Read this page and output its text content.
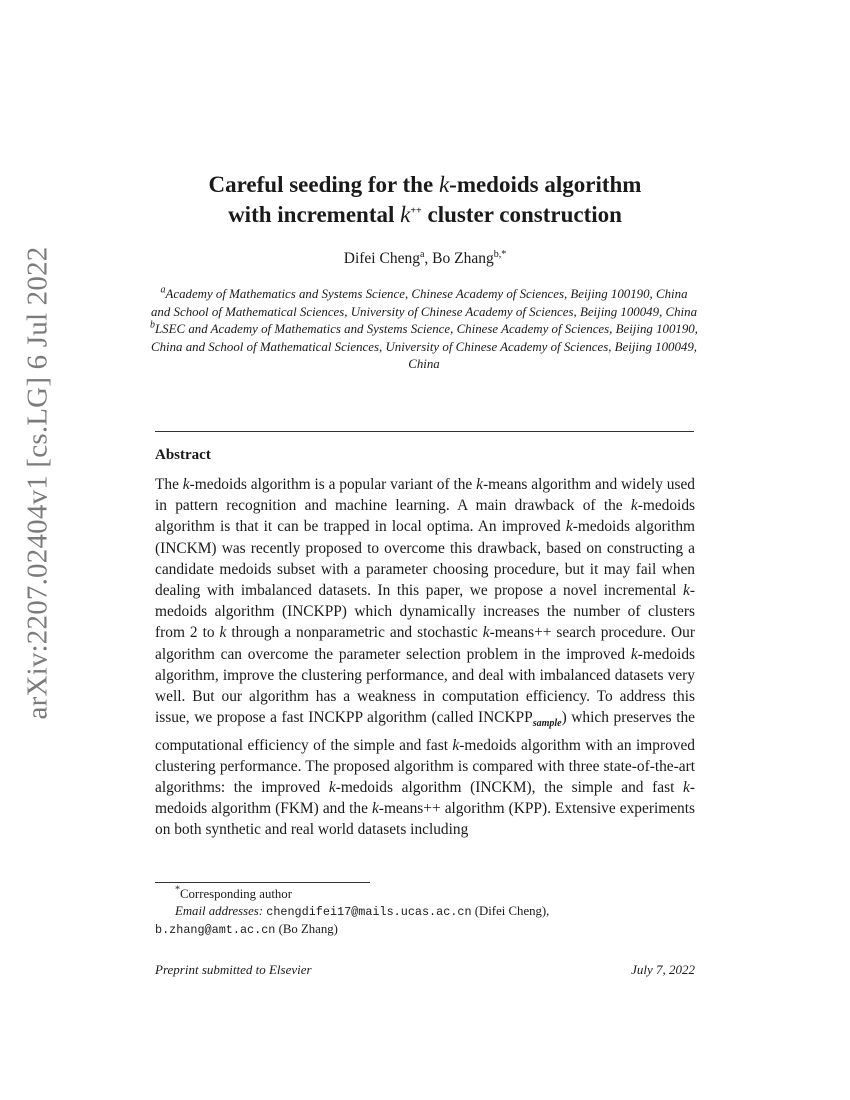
arXiv:2207.02404v1 [cs.LG] 6 Jul 2022
Careful seeding for the k-medoids algorithm
with incremental k++ cluster construction
Difei Cheng$^a$, Bo Zhang$^{b,*}$
$^a$Academy of Mathematics and Systems Science, Chinese Academy of Sciences, Beijing 100190, China and School of Mathematical Sciences, University of Chinese Academy of Sciences, Beijing 100049, China
$^b$LSEC and Academy of Mathematics and Systems Science, Chinese Academy of Sciences, Beijing 100190, China and School of Mathematical Sciences, University of Chinese Academy of Sciences, Beijing 100049, China
Abstract
The k-medoids algorithm is a popular variant of the k-means algorithm and widely used in pattern recognition and machine learning. A main drawback of the k-medoids algorithm is that it can be trapped in local optima. An improved k-medoids algorithm (INCKM) was recently proposed to overcome this drawback, based on constructing a candidate medoids subset with a parameter choosing procedure, but it may fail when dealing with imbalanced datasets. In this paper, we propose a novel incremental k-medoids algorithm (INCKPP) which dynamically increases the number of clusters from 2 to k through a nonparametric and stochastic k-means++ search procedure. Our algorithm can overcome the parameter selection problem in the improved k-medoids algorithm, improve the clustering performance, and deal with imbalanced datasets very well. But our algorithm has a weakness in computation efficiency. To address this issue, we propose a fast INCKPP algorithm (called $INCKPP_{sample}$) which preserves the computational efficiency of the simple and fast k-medoids algorithm with an improved clustering performance. The proposed algorithm is compared with three state-of-the-art algorithms: the improved k-medoids algorithm (INCKM), the simple and fast k-medoids algorithm (FKM) and the k-means++ algorithm (KPP). Extensive experiments on both synthetic and real world datasets including
*Corresponding author
Email addresses: chengdifei17@mails.ucas.ac.cn (Difei Cheng),
b.zhang@amt.ac.cn (Bo Zhang)
Preprint submitted to Elsevier	July 7, 2022
